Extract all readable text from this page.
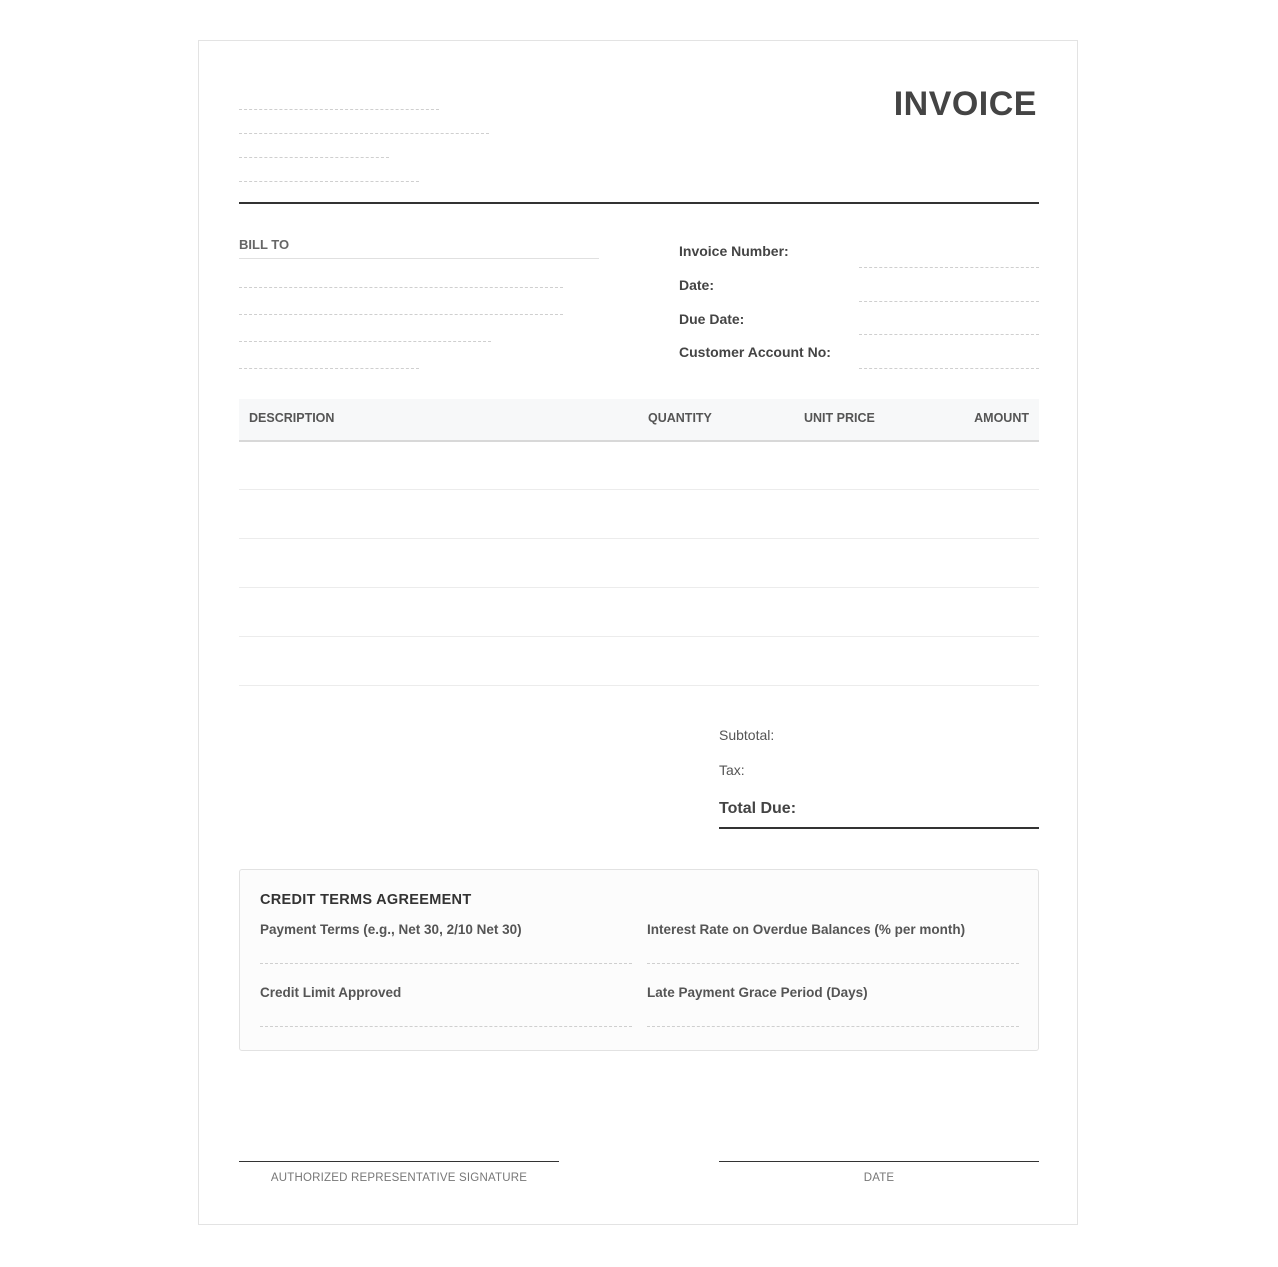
INVOICE
BILL TO	Invoice Number:
Date:
Due Date:
Customer Account No:
DESCRIPTION	QUANTITY	UNIT PRICE	AMOUNT
Subtotal:
Tax:
Total Due:
CREDIT TERMS AGREEMENT
Payment Terms (e.g., Net 30, 2/10 Net 30)	Interest Rate on Overdue Balances (% per month)
Credit Limit Approved	Late Payment Grace Period (Days)
AUTHORIZED REPRESENTATIVE SIGNATURE	DATE
